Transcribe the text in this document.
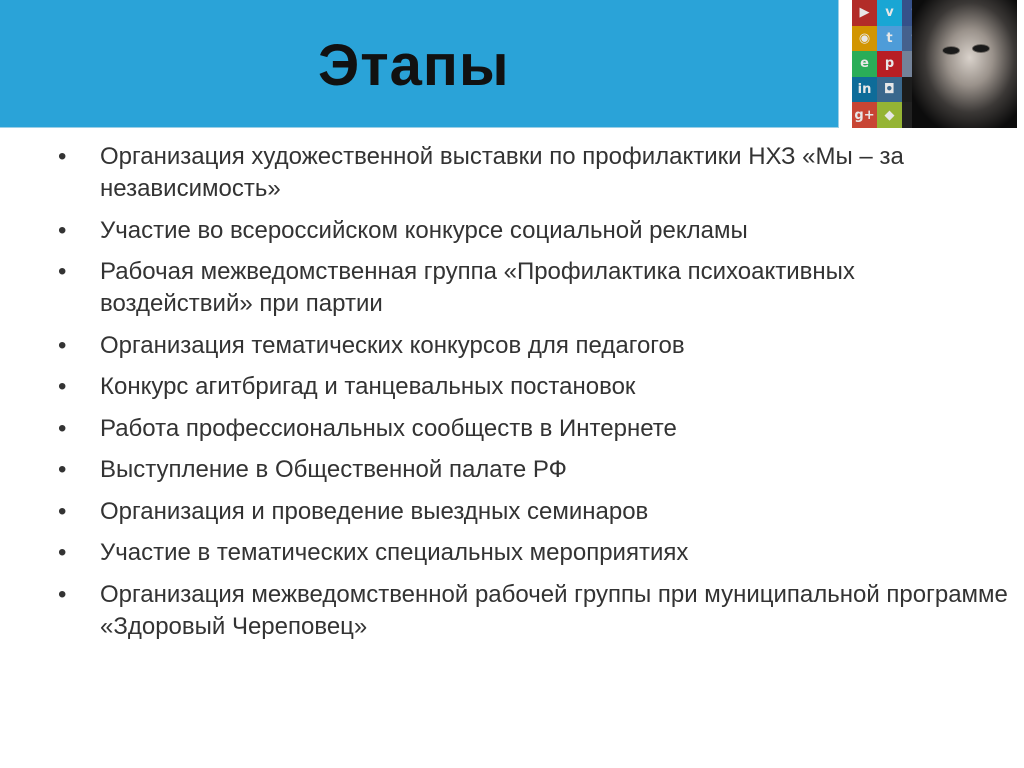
Этапы
▶	v
◉	t
e	p
in ◘
g+ ◆
• Организация художественной выставки по профилактики НХЗ «Мы – за независимость»
• Участие во всероссийском конкурсе социальной рекламы
• Рабочая межведомственная группа «Профилактика психоактивных воздействий» при партии
• Организация тематических конкурсов для педагогов
• Конкурс агитбригад и танцевальных постановок
• Работа профессиональных сообществ в Интернете
• Выступление в Общественной палате РФ
• Организация и проведение выездных семинаров
• Участие в тематических специальных мероприятиях
• Организация межведомственной рабочей группы при муниципальной программе «Здоровый Череповец»
